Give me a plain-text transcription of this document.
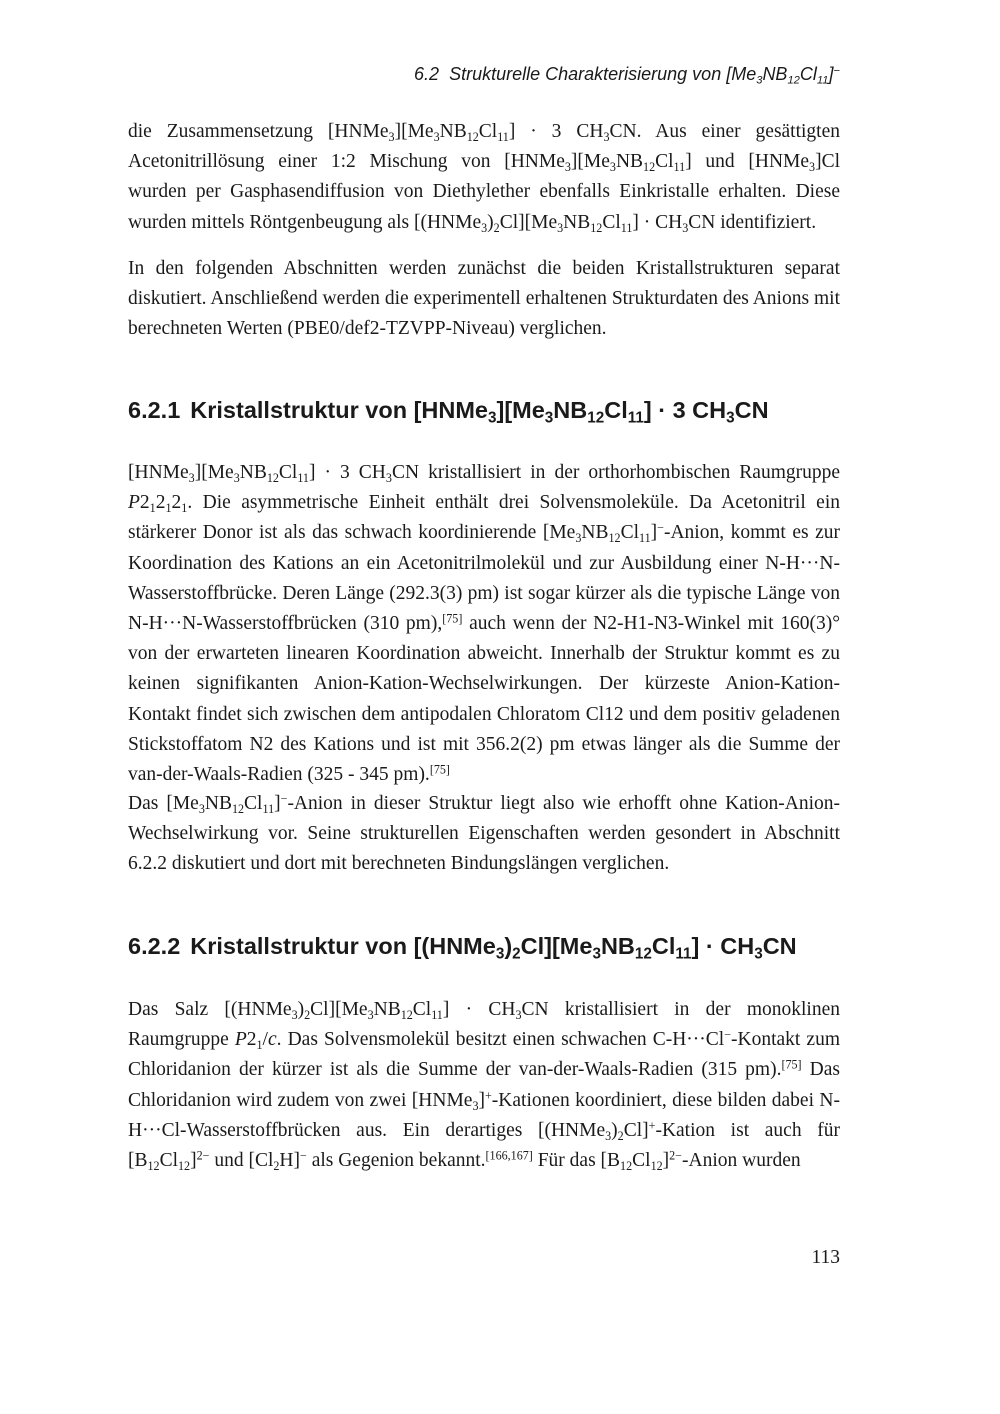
6.2  Strukturelle Charakterisierung von $[Me_3NB_{12}Cl_{11}]^-$

die Zusammensetzung $[HNMe_3][Me_3NB_{12}Cl_{11}] \cdot 3$ $CH_3CN$. Aus einer gesättigten Acetonitrillösung einer 1:2 Mischung von $[HNMe_3][Me_3NB_{12}Cl_{11}]$ und [HNMe$_3$]Cl wurden per Gasphasendiffusion von Diethylether ebenfalls Einkristalle erhalten. Diese wurden mittels Röntgenbeugung als $[(HNMe_3)_2Cl][Me_3NB_{12}Cl_{11}] \cdot CH_3CN$ identifiziert.

In den folgenden Abschnitten werden zunächst die beiden Kristallstrukturen separat diskutiert. Anschließend werden die experimentell erhaltenen Strukturdaten des Anions mit berechneten Werten (PBE0/def2-TZVPP-Niveau) verglichen.

6.2.1 Kristallstruktur von $[HNMe_3][Me_3NB_{12}Cl_{11}] \cdot 3$ $CH_3CN$

$[HNMe_3][Me_3NB_{12}Cl_{11}] \cdot 3$ $CH_3CN$ kristallisiert in der orthorhombischen Raumgruppe $P2_12_12_1$. Die asymmetrische Einheit enthält drei Solvensmoleküle. Da Acetonitril ein stärkerer Donor ist als das schwach koordinierende $[Me_3NB_{12}Cl_{11}]^-$-Anion, kommt es zur Koordination des Kations an ein Acetonitrilmolekül und zur Ausbildung einer N-H···N-Wasserstoffbrücke. Deren Länge (292.3(3) pm) ist sogar kürzer als die typische Länge von N-H···N-Wasserstoffbrücken (310 pm),[75] auch wenn der N2-H1-N3-Winkel mit 160(3)° von der erwarteten linearen Koordination abweicht. Innerhalb der Struktur kommt es zu keinen signifikanten Anion-Kation-Wechselwirkungen. Der kürzeste Anion-Kation-Kontakt findet sich zwischen dem antipodalen Chloratom Cl12 und dem positiv geladenen Stickstoffatom N2 des Kations und ist mit 356.2(2) pm etwas länger als die Summe der van-der-Waals-Radien (325 - 345 pm).[75]

Das $[Me_3NB_{12}Cl_{11}]^-$-Anion in dieser Struktur liegt also wie erhofft ohne Kation-Anion-Wechselwirkung vor. Seine strukturellen Eigenschaften werden gesondert in Abschnitt 6.2.2 diskutiert und dort mit berechneten Bindungslängen verglichen.

6.2.2 Kristallstruktur von $[(HNMe_3)_2Cl][Me_3NB_{12}Cl_{11}] \cdot CH_3CN$

Das Salz $[(HNMe_3)_2Cl][Me_3NB_{12}Cl_{11}] \cdot CH_3CN$ kristallisiert in der monoklinen Raumgruppe $P2_1/c$. Das Solvensmolekül besitzt einen schwachen C-H···Cl−-Kontakt zum Chloridanion der kürzer ist als die Summe der van-der-Waals-Radien (315 pm).[75] Das Chloridanion wird zudem von zwei [HNMe$_3$]+-Kationen koordiniert, diese bilden dabei N-H···Cl-Wasserstoffbrücken aus. Ein derartiges $[(HNMe_3)_2Cl]^+$-Kation ist auch für $[B_{12}Cl_{12}]^{2-}$ und $[Cl_2H]^-$ als Gegenion bekannt.[166,167] Für das $[B_{12}Cl_{12}]^{2-}$-Anion wurden

113
